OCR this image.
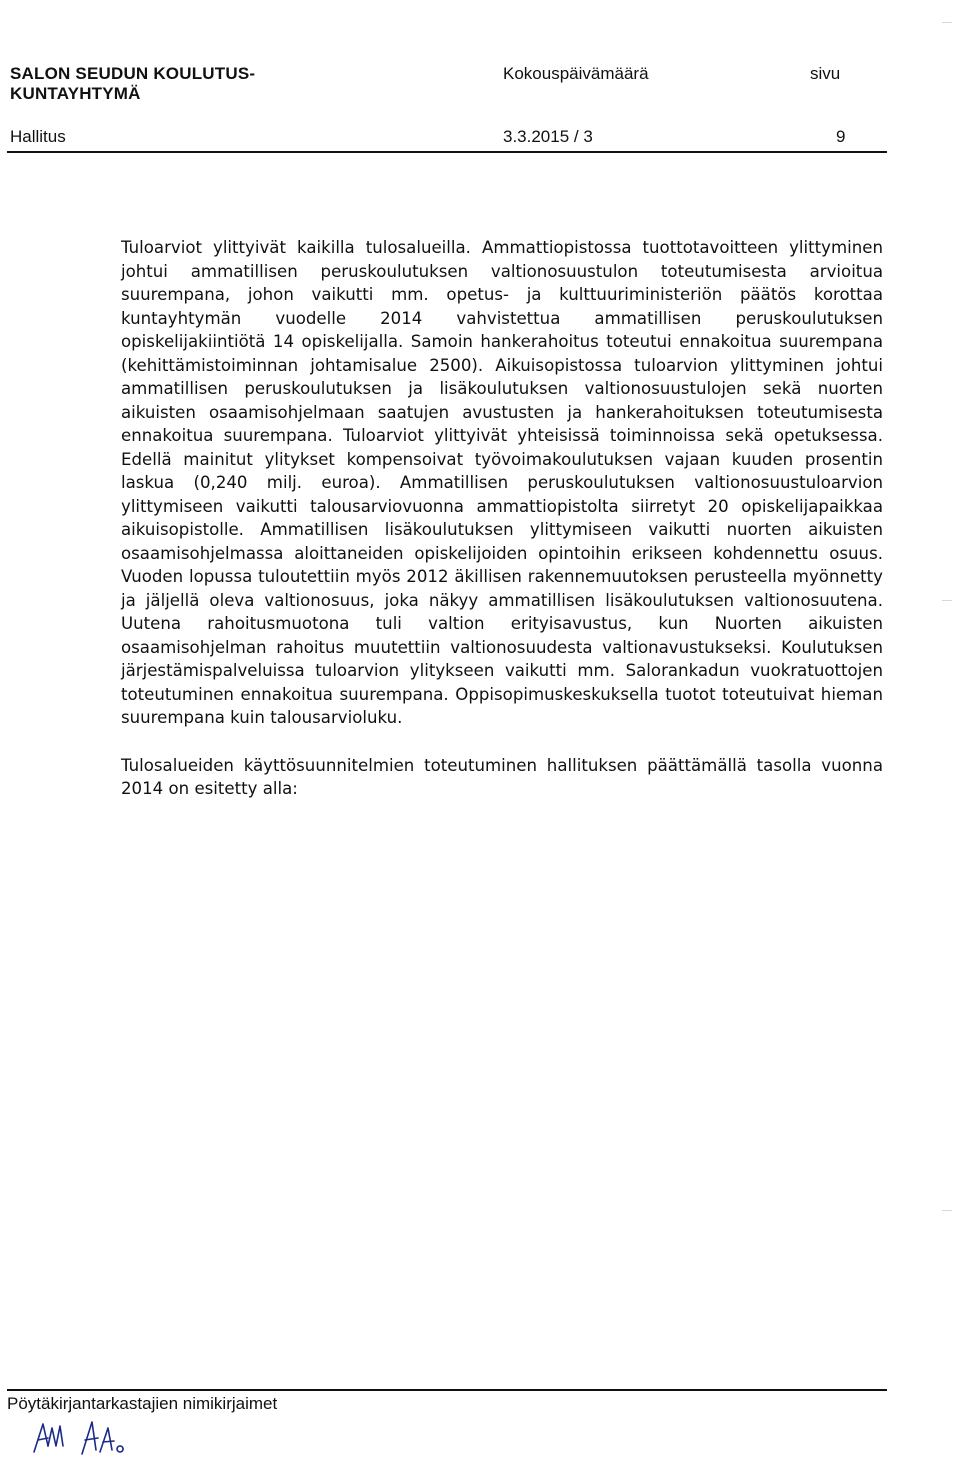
SALON SEUDUN KOULUTUS-
KUNTAYHTYMÄ
Kokouspäivämäärä	sivu
Hallitus	3.3.2015 / 3	9

Tuloarviot ylittyivät kaikilla tulosalueilla. Ammattiopistossa tuottotavoitteen ylittyminen johtui ammatillisen peruskoulutuksen valtionosuustulon toteutumisesta arvioitua suurempana, johon vaikutti mm. opetus- ja kulttuuriministeriön päätös korottaa kuntayhtymän vuodelle 2014 vahvistettua ammatillisen peruskoulutuksen opiskelijakiintiötä 14 opiskelijalla. Samoin hankerahoitus toteutui ennakoitua suurempana (kehittämistoiminnan johtamisalue 2500). Aikuisopistossa tuloarvion ylittyminen johtui ammatillisen peruskoulutuksen ja lisäkoulutuksen valtionosuustulojen sekä nuorten aikuisten osaamisohjelmaan saatujen avustusten ja hankerahoituksen toteutumisesta ennakoitua suurempana. Tuloarviot ylittyivät yhteisissä toiminnoissa sekä opetuksessa. Edellä mainitut ylitykset kompensoivat työvoimakoulutuksen vajaan kuuden prosentin laskua (0,240 milj. euroa). Ammatillisen peruskoulutuksen valtionosuustuloarvion ylittymiseen vaikutti talousarviovuonna ammattiopistolta siirretyt 20 opiskelijapaikkaa aikuisopistolle. Ammatillisen lisäkoulutuksen ylittymiseen vaikutti nuorten aikuisten osaamisohjelmassa aloittaneiden opiskelijoiden opintoihin erikseen kohdennettu osuus. Vuoden lopussa tuloutettiin myös 2012 äkillisen rakennemuutoksen perusteella myönnetty ja jäljellä oleva valtionosuus, joka näkyy ammatillisen lisäkoulutuksen valtionosuutena. Uutena rahoitusmuotona tuli valtion erityisavustus, kun Nuorten aikuisten osaamisohjelman rahoitus muutettiin valtionosuudesta valtionavustukseksi. Koulutuksen järjestämispalveluissa tuloarvion ylitykseen vaikutti mm. Salorankadun vuokratuottojen toteutuminen ennakoitua suurempana. Oppisopimuskeskuksella tuotot toteutuivat hieman suurempana kuin talousarvioluku.

Tulosalueiden käyttösuunnitelmien toteutuminen hallituksen päättämällä tasolla vuonna 2014 on esitetty alla:

Pöytäkirjantarkastajien nimikirjaimet
